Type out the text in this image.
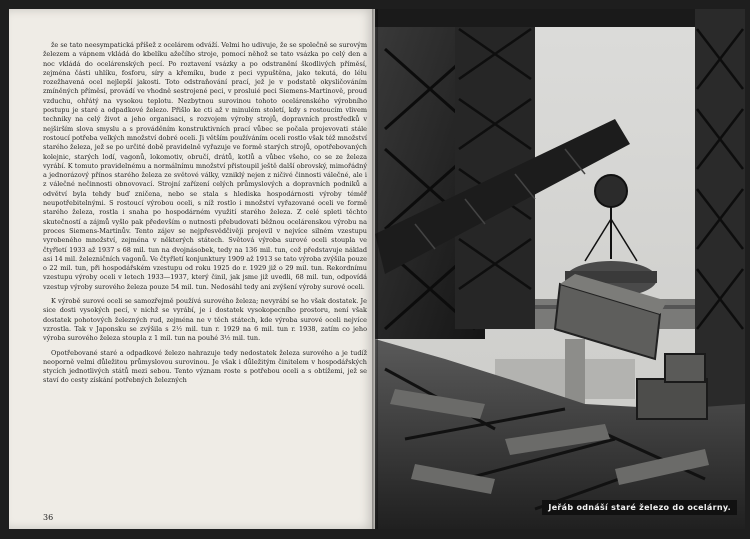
že se tato neesympatická příšež z ocelárem odváží. Velmi ho udivuje, že se společně se surovým železem a vápnem vkládá do kbelíku ažečího stroje, pomocí něhož se tato vsázka po celý den a noc vkládá do ocelárenských pecí. Po roztavení vsázky a po odstranění škodlivých příměsí, zejména části uhlíku, fosforu, síry a křemíku, bude z peci vypuštěna, jako tekutá, do lélu rozežhavená ocel nejlepší jakosti. Toto odstraňování prací, jež je v podstatě okysličováním zmíněných příměsí, provádí ve vhodně sestrojené peci, v prosluié peci Siemens-Martinově, proud vzduchu, ohřátý na vysokou teplotu. Nezbytnou surovinou tohoto ocelárenského výrobního postupu je staré a odpadkové železo. Přišlo ke cti až v minulém století, kdy s rostoucím vlivem techniky na celý život a jeho organisaci, s rozvojem výroby strojů, dopravních prostředků v nejširším slova smyslu a s prováděním konstruktivních prací vůbec se počala projevovati stále rostoucí potřeba velkých množství dobré oceli. Ji větším používáním oceli rostlo však též množství starého železa, jež se po určité době pravidelně vyřazuje ve formě starých strojů, opotřebovaných kolejnic, starých lodí, vagonů, lokomotiv, obručí, drátů, kotlů a vůbec všeho, co se ze železa vyrábí. K tomuto pravidelnému a normálnímu množství přistoupil ještě další obrovský, mimořádný a jednorázový přínos starého železa ze světové války, vzniklý nejen z ničivé činnosti válečné, ale i z válečné nečinnosti obnovovací. Strojní zařízení celých průmyslových a dopravních podniků a odvětví byla tehdy buď zničena, nebo se stala s hlediska hospodárnosti výroby téměř neupotřebitelnými. S rostoucí výrobou oceli, s níž rostlo i množství vyřazované oceli ve formě starého železa, rostla i snaha po hospodárném využití starého železa. Z celé spleti těchto skutečností a zájmů vyšlo pak především o nutnosti přebudovati běžnou ocelárenskou výrobu na proces Siemens-Martinův. Tento zájev se nejpřesvědčivěji projevil v nejvíce silném vzestupu vyrobeného množství, zejména v některých státech. Světová výroba surové oceli stoupla ve čtyřletí 1933 až 1937 s 68 mil. tun na dvojnásobek, tedy na 136 mil. tun, což představuje náklad asi 14 mil. železničních vagonů. Ve čtyřletí konjunktury 1909 až 1913 se tato výroba zvýšila pouze o 22 mil. tun, při hospodářském vzestupu od roku 1925 do r. 1929 již o 29 mil. tun. Rekordnímu vzestupu výroby oceli v letech 1933—1937, který činil, jak jsme již uvedli, 68 mil. tun, odpovídá vzestup výroby surového železa pouze 54 mil. tun. Nedosáhl tedy ani zvýšení výroby surové oceli.

K výrobě surové oceli se samozřejmě používá surového železa; nevyrábí se ho však dostatek. Je sice dosti vysokých pecí, v nichž se vyrábí, je i dostatek vysokopecního prostoru, není však dostatek pohotových železných rud, zejména ne v těch státech, kde výroba surové oceli nejvíce vzrostla. Tak v Japonsku se zvýšila s 2½ mil. tun r. 1929 na 6 mil. tun r. 1938, zatím co jeho výroba surového železa stoupla z 1 mil. tun na pouhé 3½ mil. tun.

Opotřebované staré a odpadkové železo nahrazuje tedy nedostatek železa surového a je tudíž neoporně velmi důležitou průmyslovou surovinou. Je však i důležitým činitelem v hospodářských stycích jednotlivých států mezi sebou. Tento význam roste s potřebou oceli a s obtížemi, jež se staví do cesty získání potřebných železných

36
Jeřáb odnáší staré železo do ocelárny.
